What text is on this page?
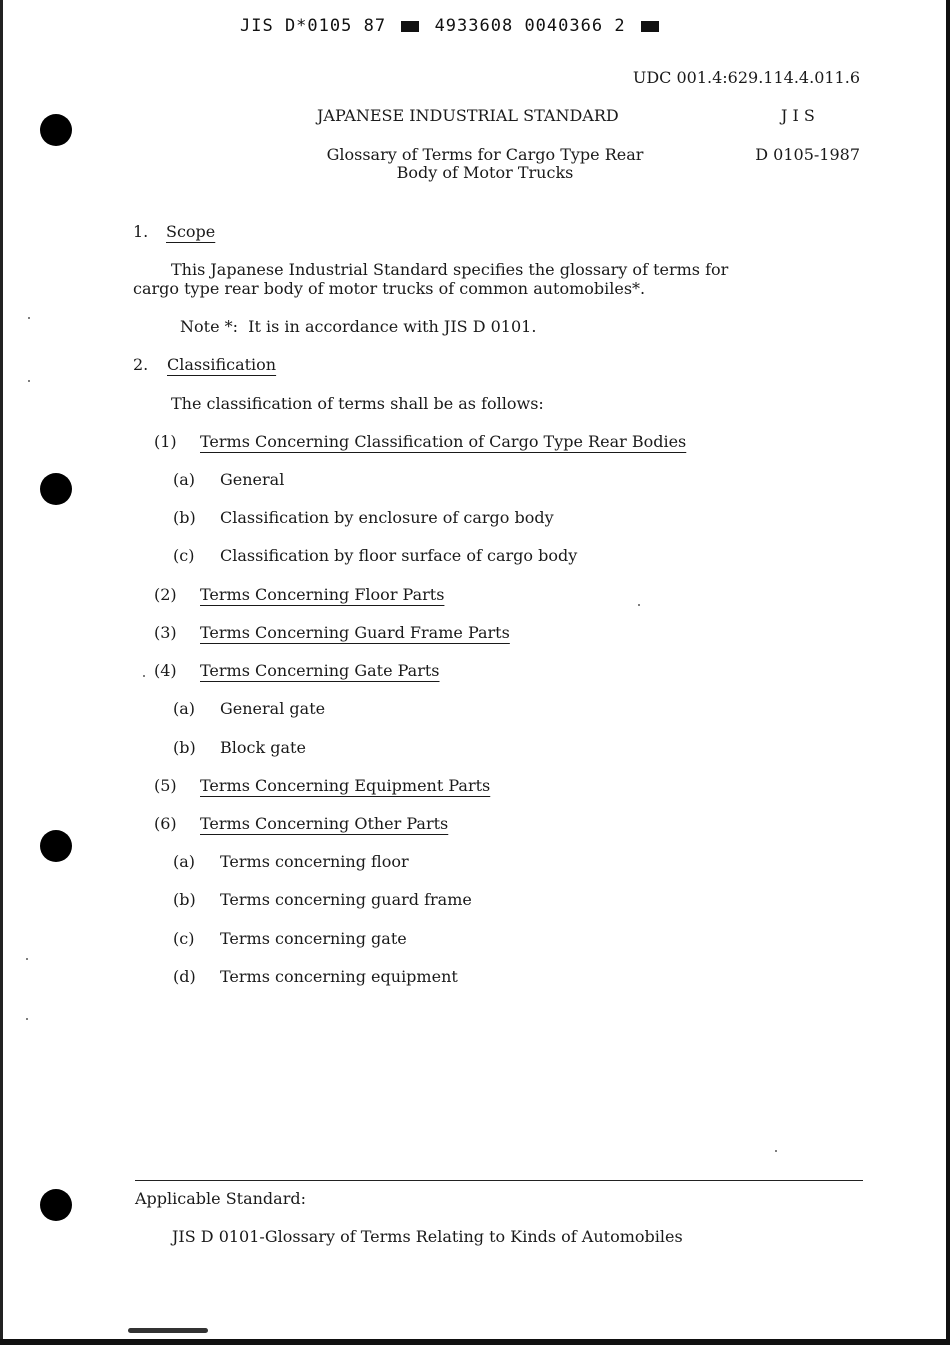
JIS D*0105 87	4933608 0040366 2
UDC 001.4:629.114.4.011.6
JAPANESE INDUSTRIAL STANDARD	J I S
Glossary of Terms for Cargo Type Rear
Body of Motor Trucks
D 0105-1987
1. Scope
This Japanese Industrial Standard specifies the glossary of terms for
cargo type rear body of motor trucks of common automobiles*.
Note *:  It is in accordance with JIS D 0101.
2. Classification
The classification of terms shall be as follows:
(1) Terms Concerning Classification of Cargo Type Rear Bodies
(a) General
(b) Classification by enclosure of cargo body
(c) Classification by floor surface of cargo body
(2) Terms Concerning Floor Parts
(3) Terms Concerning Guard Frame Parts
(4) Terms Concerning Gate Parts
(a) General gate
(b) Block gate
(5) Terms Concerning Equipment Parts
(6) Terms Concerning Other Parts
(a) Terms concerning floor
(b) Terms concerning guard frame
(c) Terms concerning gate
(d) Terms concerning equipment
Applicable Standard:
JIS D 0101-Glossary of Terms Relating to Kinds of Automobiles
